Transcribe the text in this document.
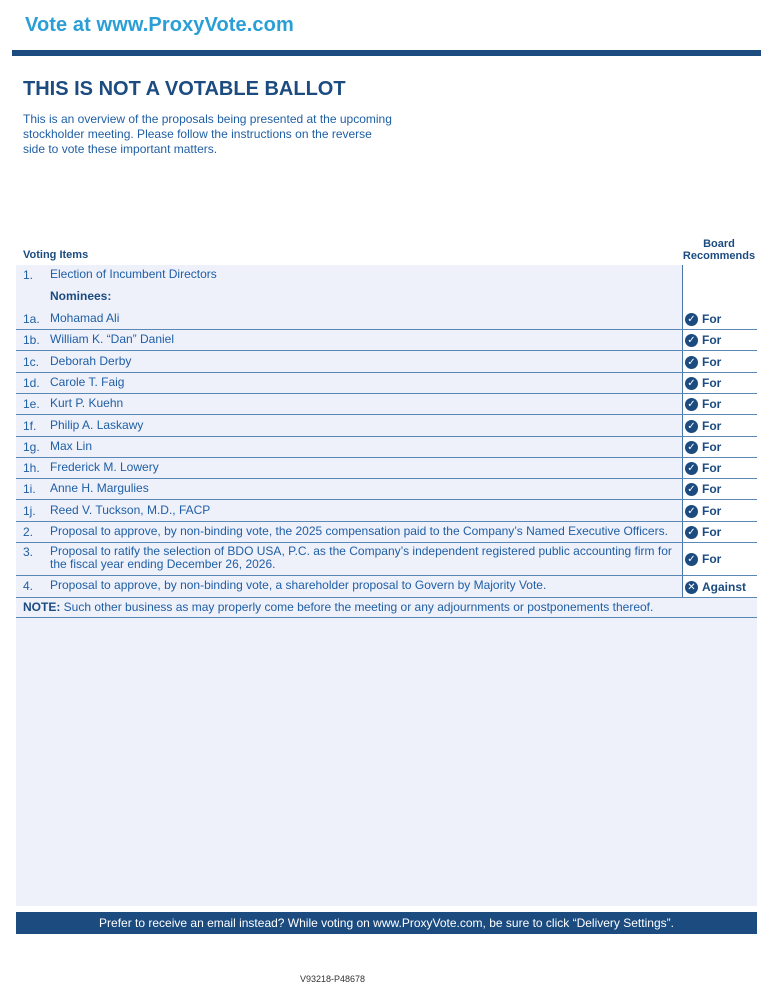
Vote at www.ProxyVote.com
THIS IS NOT A VOTABLE BALLOT
This is an overview of the proposals being presented at the upcoming stockholder meeting. Please follow the instructions on the reverse side to vote these important matters.
Voting Items
Board Recommends
1. Election of Incumbent Directors
Nominees:
1a. Mohamad Ali	✓ For
1b. William K. “Dan” Daniel	✓ For
1c. Deborah Derby	✓ For
1d. Carole T. Faig	✓ For
1e. Kurt P. Kuehn	✓ For
1f. Philip A. Laskawy	✓ For
1g. Max Lin	✓ For
1h. Frederick M. Lowery	✓ For
1i. Anne H. Margulies	✓ For
1j. Reed V. Tuckson, M.D., FACP	✓ For
2. Proposal to approve, by non-binding vote, the 2025 compensation paid to the Company’s Named Executive Officers.	✓ For
3. Proposal to ratify the selection of BDO USA, P.C. as the Company’s independent registered public accounting firm for the fiscal year ending December 26, 2026.	✓ For
4. Proposal to approve, by non-binding vote, a shareholder proposal to Govern by Majority Vote.	✕ Against
NOTE: Such other business as may properly come before the meeting or any adjournments or postponements thereof.
Prefer to receive an email instead? While voting on www.ProxyVote.com, be sure to click “Delivery Settings”.
V93218-P48678
